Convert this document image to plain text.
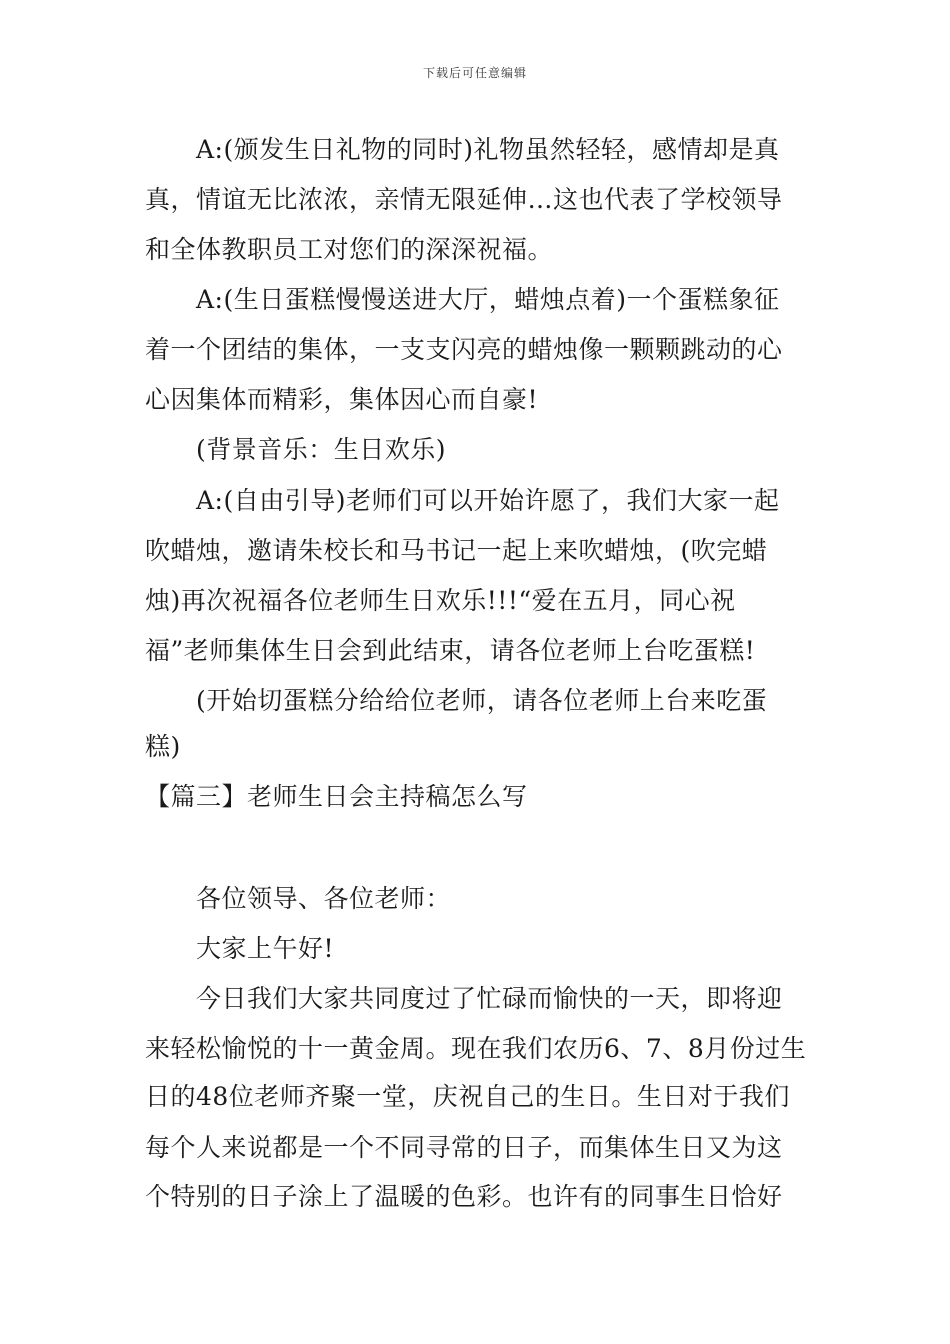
下载后可任意编辑
A:(颁发生日礼物的同时)礼物虽然轻轻，感情却是真
真，情谊无比浓浓，亲情无限延伸…这也代表了学校领导
和全体教职员工对您们的深深祝福。
A:(生日蛋糕慢慢送进大厅，蜡烛点着)一个蛋糕象征
着一个团结的集体，一支支闪亮的蜡烛像一颗颗跳动的心
心因集体而精彩，集体因心而自豪!
(背景音乐：生日欢乐)
A:(自由引导)老师们可以开始许愿了，我们大家一起
吹蜡烛，邀请朱校长和马书记一起上来吹蜡烛，(吹完蜡
烛)再次祝福各位老师生日欢乐!!!“爱在五月，同心祝
福”老师集体生日会到此结束，请各位老师上台吃蛋糕!
(开始切蛋糕分给给位老师，请各位老师上台来吃蛋
糕)
【篇三】老师生日会主持稿怎么写
各位领导、各位老师：
大家上午好!
今日我们大家共同度过了忙碌而愉快的一天，即将迎
来轻松愉悦的十一黄金周。现在我们农历6、7、8月份过生
日的48位老师齐聚一堂，庆祝自己的生日。生日对于我们
每个人来说都是一个不同寻常的日子，而集体生日又为这
个特别的日子涂上了温暖的色彩。也许有的同事生日恰好
